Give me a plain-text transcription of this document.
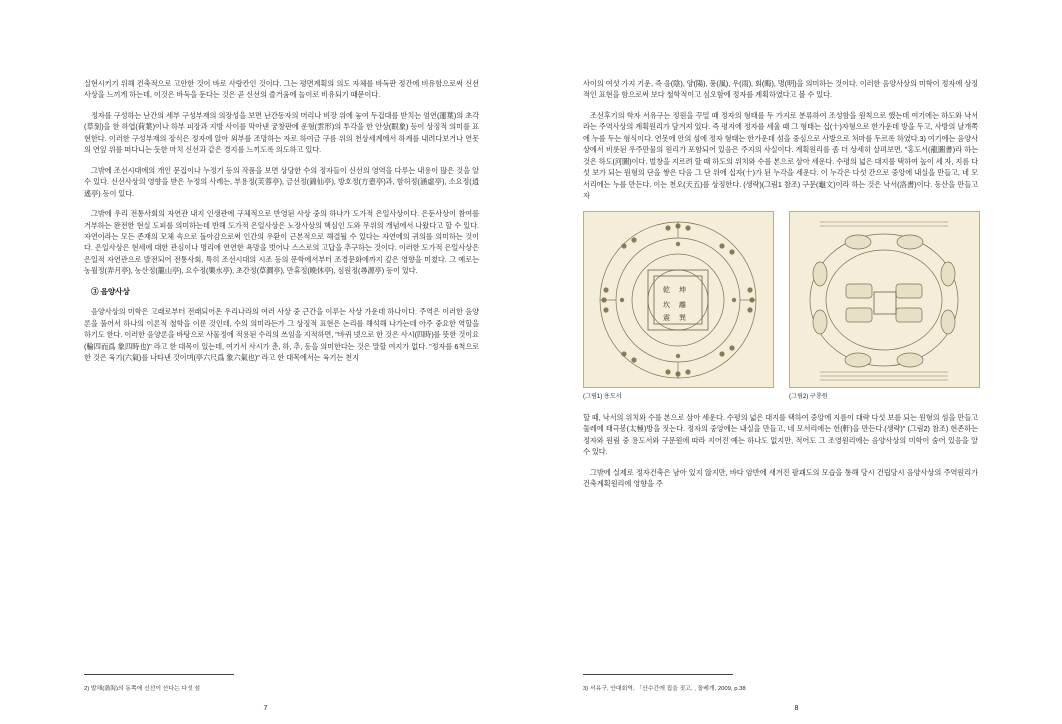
실현시키기 위해 건축적으로 고안한 것이 바로 사랑칸인 것이다. 그는 평면계획의 의도 자체를 바둑판 정간에 비유함으로써 신선사상을 느끼게 하는데, 이것은 바둑을 둔다는 것은 곧 신선의 즐거움에 놀이로 비유되기 때문이다.

정자를 구성하는 난간의 세부 구성부재의 의장성을 보면 난간동자의 머리나 비장 위에 놓여 두겁대를 받치는 엄연(蓮葉)의 초각(草刻)을 한 하엽(荷葉)이나 하부 피장과 지방 사이를 막아낸 궁창판에 운형(雲形)의 투각을 한 안상(眼象) 등이 상징적 의미를 표현한다. 이러한 구성부재의 장식은 정자에 앉아 외부를 조망하는 자로 하여금 구름 위의 천상세계에서 하계를 내려다보거나 연못의 연잎 위를 떠다니는 듯한 마치 신선과 같은 경지를 느끼도록 의도하고 있다.

그밖에 조선시대에의 개인 문집이나 누정기 등의 작품을 보면 상당한 수의 정자들이 신선의 영역을 다루는 내용이 많은 것을 알 수 있다. 신선사상의 영향을 받은 누정의 사례는, 부용정(芙蓉亭), 금선정(錦仙亭), 방호정(方壺亭)과, 함허정(涵虛亭), 소요정(逍遙亭) 등이 있다.

그밖에 우리 전통사회의 자연관 내지 인생관에 구체적으로 반영된 사상 중의 하나가 도가적 은일사상이다. 은둔사상이 참여를 거부하는 완전한 현실 도피를 의미하는데 반해 도가적 은일사상은 노장사상의 핵심인 도와 무위의 개념에서 나왔다고 할 수 있다. 자연이라는 모든 존재의 모체 속으로 돌아감으로써 인간의 우환이 근본적으로 해결될 수 있다는 자연에의 귀의를 의미하는 것이다. 은일사상은 현세에 대한 관심이나 명리에 연연한 욕망을 벗어나 스스로의 고답을 추구하는 것이다. 이러한 도가적 은일사상은 은일적 자연관으로 발전되어 전통사회, 특히 조선시대의 시조 등의 문학에서부터 조경문화에까지 깊은 영향을 미쳤다. 그 예로는 농월정(弄月亭), 농산정(籠山亭), 요수정(樂水亭), 초간정(草澗亭), 만휴정(晩休亭), 심원정(尋源亭) 등이 있다.

③ 음양사상

음양사상의 미학은 고래로부터 전래되어온 우리나라의 여러 사상 중 근간을 이루는 사상 가운데 하나이다. 주역은 이러한 음양론을 풀어서 하나의 이론적 철학을 이룬 것인데, 수의 의미라든가 그 상징적 표현은 논리를 해석해 나가는데 아주 중요한 역할을 하기도 한다. 이러한 음양론을 바탕으로 사물정에 적용된 수리의 쓰임을 지적하면, "바퀴 넷으로 한 것은 사시(四時)를 뜻한 것이요(輪四而爲 象四時也)" 라고 한 대목이 있는데, 여기서 사시가 춘, 하, 추, 동을 의미한다는 것은 말할 여지가 없다. "정자를 6척으로 한 것은 육기(六氣)를 나타낸 것이며(亭六尺爲 象六氣也)" 라고 한 대목에서는 육기는 천지

2) 발해(渤海)의 동쪽에 신선이 산다는 다섯 섬
7

사이의 여섯 가지 기운, 즉 음(陰), 양(陽), 풍(風), 우(雨), 회(晦), 명(明)을 의미하는 것이다. 이러한 음양사상의 미학이 정자에 상징적인 표현을 함으로써 보다 철학적이고 심오함에 정자를 계획하였다고 볼 수 있다.

조선후기의 학자 서유구는 정원을 꾸밀 때 정자의 형태를 두 가지로 분류하여 조성함을 원칙으로 했는데 여기에는 하도와 낙서라는 주역사상의 계획원리가 담겨져 있다. 즉 평지에 정자를 세울 때 그 형태는 십(十)자형으로 한가운데 방을 두고, 사방의 날개쪽에 누를 두는 형식이다. 연못에 안의 섬에 정자 형태는 한가운데 섬을 중심으로 사방으로 처마를 두르록 하였다.3) 여기에는 음양사상에서 비롯된 우주만물의 원리가 포함되어 있음은 주지의 사실이다. 계획원리를 좀 더 상세히 살펴보면, "홍도서(龍圖書)라 하는 것은 하도(河圖)이다. 벌창을 지르려 할 때 하도의 위치와 수를 본으로 삼아 세운다. 수평의 넓은 대지를 택하여 높이 세 자, 지름 다섯 보가 되는 원형의 단을 쌓은 다음 그 단 위에 십자(十)가 된 누각을 세운다. 이 누각은 다섯 간으로 중앙에 내실을 만들고, 네 모서리에는 누를 만든다. 이는 천오(天五)를 상징한다. (생략)(그림1 참조) 구문(龜文)이라 하는 것은 낙서(洛書)이다. 동산을 만들고자

乾 坤
坎 離
震 巽
(그림1) 용도서	(그림2) 구룡원

할 때, 낙서의 위치와 수를 본으로 삼아 세운다. 수평의 넓은 대지를 택하여 중앙에 지름이 대략 다섯 보를 되는 원형의 섬을 만들고 둘레에 태극봉(太極)방을 짓는다. 정자의 중앙에는 내실을 만들고, 네 모서리에는 헌(軒)을 만든다.(생략)" (그림2) 참조) 현존하는 정자와 원림 중 용도서와 구문원에 따라 지어진 예는 하나도 없지만, 적어도 그 조영원리에는 음양사상의 미학이 숨어 있음을 알 수 있다.

그밖에 실제로 정자건축은 남아 있지 않지만, 바다 암반에 새겨진 팔괘도의 모습을 통해 당시 건립당시 음양사상의 주역원리가 건축계획원리에 영향을 주

3) 서유구, 안대회역, 「산수간에 집을 짓고, , 돌베개, 2009, p.38
8
